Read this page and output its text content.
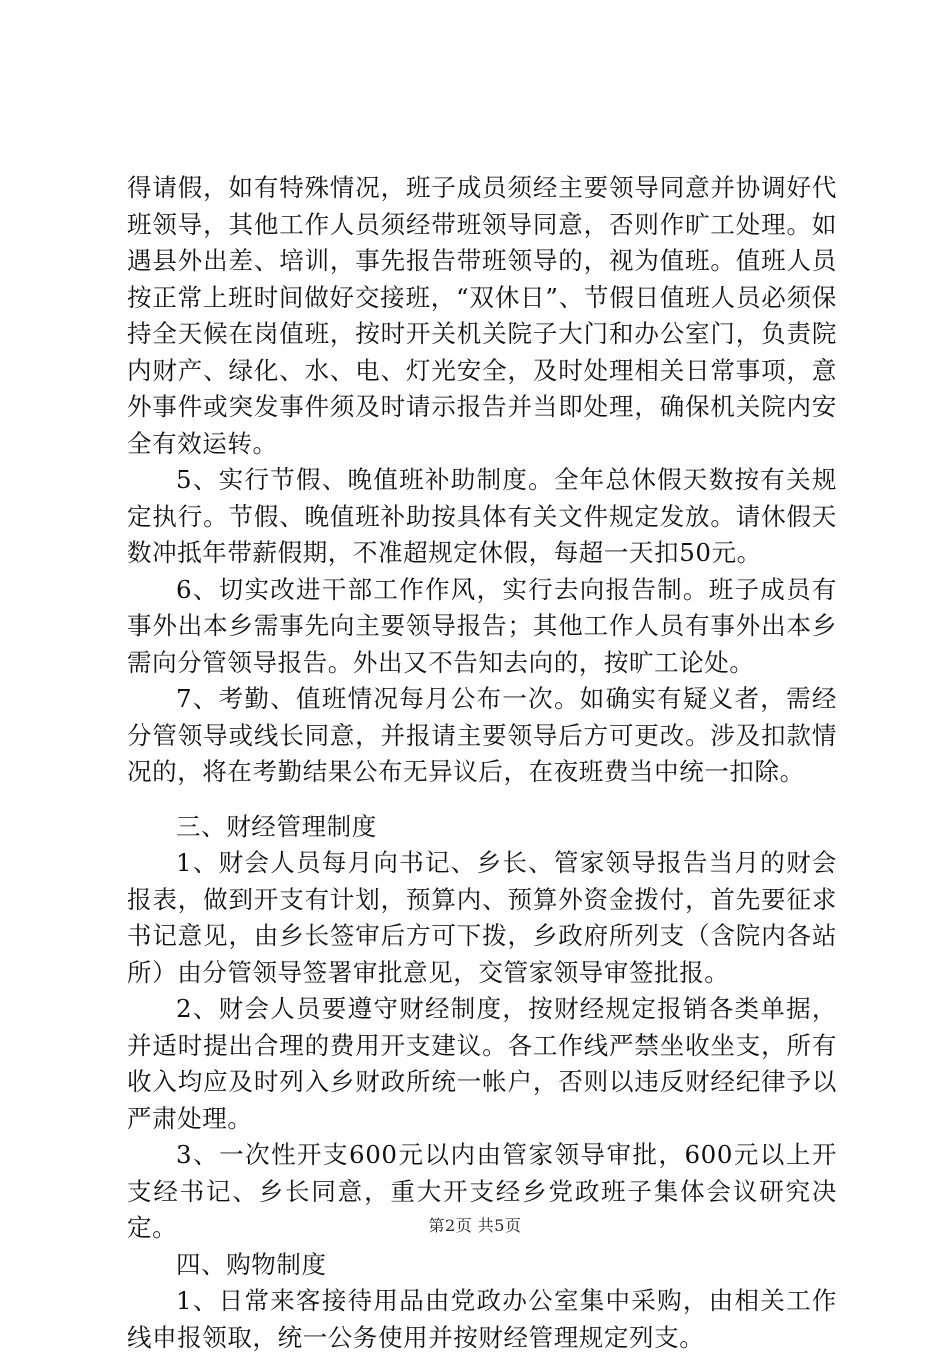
得请假，如有特殊情况，班子成员须经主要领导同意并协调好代班领导，其他工作人员须经带班领导同意，否则作旷工处理。如遇县外出差、培训，事先报告带班领导的，视为值班。值班人员按正常上班时间做好交接班，“双休日”、节假日值班人员必须保持全天候在岗值班，按时开关机关院子大门和办公室门，负责院内财产、绿化、水、电、灯光安全，及时处理相关日常事项，意外事件或突发事件须及时请示报告并当即处理，确保机关院内安全有效运转。

5、实行节假、晚值班补助制度。全年总休假天数按有关规定执行。节假、晚值班补助按具体有关文件规定发放。请休假天数冲抵年带薪假期，不准超规定休假，每超一天扣50元。

6、切实改进干部工作作风，实行去向报告制。班子成员有事外出本乡需事先向主要领导报告；其他工作人员有事外出本乡需向分管领导报告。外出又不告知去向的，按旷工论处。

7、考勤、值班情况每月公布一次。如确实有疑义者，需经分管领导或线长同意，并报请主要领导后方可更改。涉及扣款情况的，将在考勤结果公布无异议后，在夜班费当中统一扣除。

三、财经管理制度

1、财会人员每月向书记、乡长、管家领导报告当月的财会报表，做到开支有计划，预算内、预算外资金拨付，首先要征求书记意见，由乡长签审后方可下拨，乡政府所列支（含院内各站所）由分管领导签署审批意见，交管家领导审签批报。

2、财会人员要遵守财经制度，按财经规定报销各类单据，并适时提出合理的费用开支建议。各工作线严禁坐收坐支，所有收入均应及时列入乡财政所统一帐户，否则以违反财经纪律予以严肃处理。

3、一次性开支600元以内由管家领导审批，600元以上开支经书记、乡长同意，重大开支经乡党政班子集体会议研究决定。

四、购物制度

1、日常来客接待用品由党政办公室集中采购，由相关工作线申报领取，统一公务使用并按财经管理规定列支。

第2页 共5页
